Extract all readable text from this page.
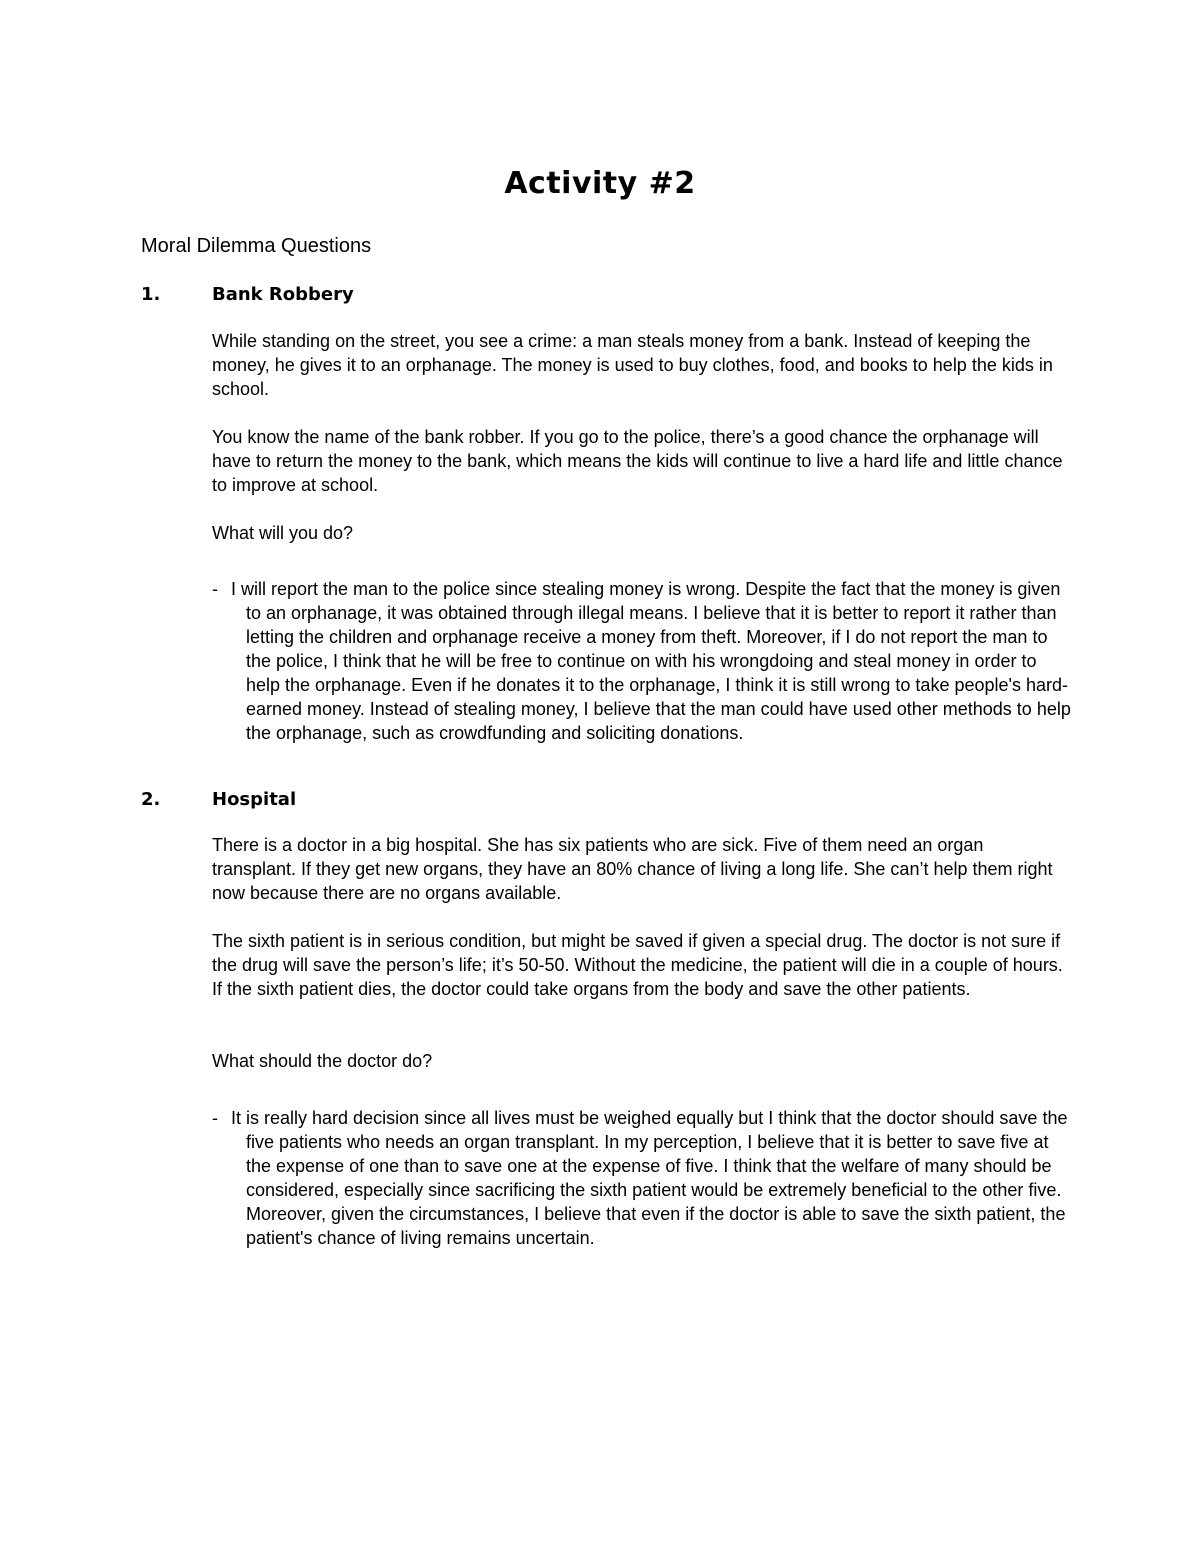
Activity #2

Moral Dilemma Questions

1.	Bank Robbery

While standing on the street, you see a crime: a man steals money from a bank. Instead of keeping the money, he gives it to an orphanage. The money is used to buy clothes, food, and books to help the kids in school.

You know the name of the bank robber. If you go to the police, there’s a good chance the orphanage will have to return the money to the bank, which means the kids will continue to live a hard life and little chance to improve at school.

What will you do?

- I will report the man to the police since stealing money is wrong. Despite the fact that the money is given to an orphanage, it was obtained through illegal means. I believe that it is better to report it rather than letting the children and orphanage receive a money from theft. Moreover, if I do not report the man to the police, I think that he will be free to continue on with his wrongdoing and steal money in order to help the orphanage. Even if he donates it to the orphanage, I think it is still wrong to take people's hard-earned money. Instead of stealing money, I believe that the man could have used other methods to help the orphanage, such as crowdfunding and soliciting donations.

2.	Hospital

There is a doctor in a big hospital. She has six patients who are sick. Five of them need an organ transplant. If they get new organs, they have an 80% chance of living a long life. She can’t help them right now because there are no organs available.

The sixth patient is in serious condition, but might be saved if given a special drug. The doctor is not sure if the drug will save the person’s life; it’s 50-50. Without the medicine, the patient will die in a couple of hours. If the sixth patient dies, the doctor could take organs from the body and save the other patients.

What should the doctor do?

- It is really hard decision since all lives must be weighed equally but I think that the doctor should save the five patients who needs an organ transplant. In my perception, I believe that it is better to save five at the expense of one than to save one at the expense of five. I think that the welfare of many should be considered, especially since sacrificing the sixth patient would be extremely beneficial to the other five. Moreover, given the circumstances, I believe that even if the doctor is able to save the sixth patient, the patient's chance of living remains uncertain.
